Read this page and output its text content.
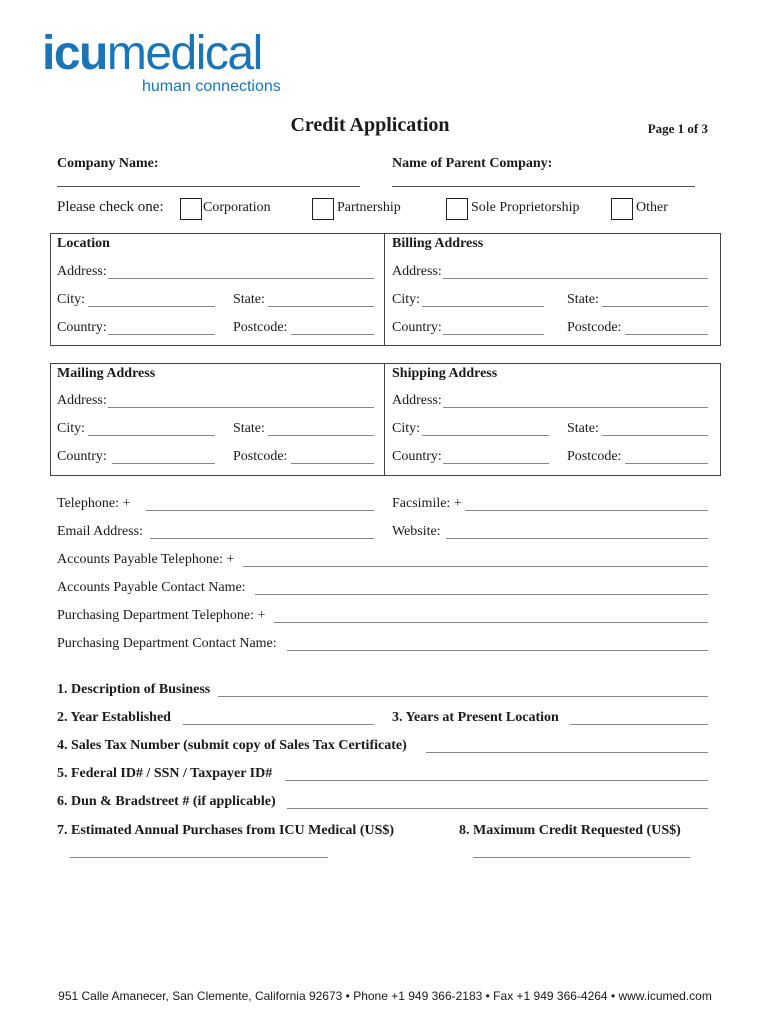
icumedical
human connections
Credit Application	Page 1 of 3
Company Name:	Name of Parent Company:
Please check one:	Corporation	Partnership	Sole Proprietorship	Other
Location	Billing Address
Address:	Address:
City:	State:	City:	State:
Country:	Postcode:	Country:	Postcode:
Mailing Address	Shipping Address
Address:	Address:
City:	State:	City:	State:
Country:	Postcode:	Country:	Postcode:
Telephone: +	Facsimile: +
Email Address:	Website:
Accounts Payable Telephone: +
Accounts Payable Contact Name:
Purchasing Department Telephone: +
Purchasing Department Contact Name:
1. Description of Business
2. Year Established	3. Years at Present Location
4. Sales Tax Number (submit copy of Sales Tax Certificate)
5. Federal ID# / SSN / Taxpayer ID#
6. Dun & Bradstreet # (if applicable)
7. Estimated Annual Purchases from ICU Medical (US$)	8. Maximum Credit Requested (US$)
951 Calle Amanecer, San Clemente, California 92673 • Phone +1 949 366-2183 • Fax +1 949 366-4264 • www.icumed.com
